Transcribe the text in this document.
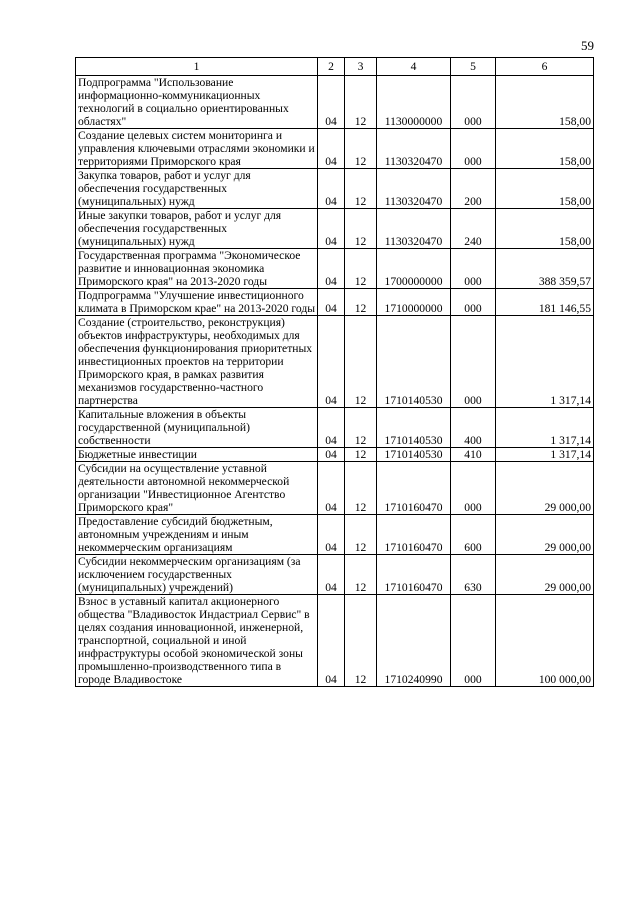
59
1	2	3	4	5	6
Подпрограмма "Использование информационно-коммуникационных технологий в социально ориентированных областях"	04	12	1130000000	000	158,00
Создание целевых систем мониторинга и управления ключевыми отраслями экономики и территориями Приморского края	04	12	1130320470	000	158,00
Закупка товаров, работ и услуг для обеспечения государственных (муниципальных) нужд	04	12	1130320470	200	158,00
Иные закупки товаров, работ и услуг для обеспечения государственных (муниципальных) нужд	04	12	1130320470	240	158,00
Государственная программа "Экономическое развитие и инновационная экономика Приморского края" на 2013-2020 годы	04	12	1700000000	000	388 359,57
Подпрограмма "Улучшение инвестиционного климата в Приморском крае" на 2013-2020 годы	04	12	1710000000	000	181 146,55
Создание (строительство, реконструкция) объектов инфраструктуры, необходимых для обеспечения функционирования приоритетных инвестиционных проектов на территории Приморского края, в рамках развития механизмов государственно-частного партнерства	04	12	1710140530	000	1 317,14
Капитальные вложения в объекты государственной (муниципальной) собственности	04	12	1710140530	400	1 317,14
Бюджетные инвестиции	04	12	1710140530	410	1 317,14
Субсидии на осуществление уставной деятельности автономной некоммерческой организации "Инвестиционное Агентство Приморского края"	04	12	1710160470	000	29 000,00
Предоставление субсидий бюджетным, автономным учреждениям и иным некоммерческим организациям	04	12	1710160470	600	29 000,00
Субсидии некоммерческим организациям (за исключением государственных (муниципальных) учреждений)	04	12	1710160470	630	29 000,00
Взнос в уставный капитал акционерного общества "Владивосток Индастриал Сервис" в целях создания инновационной, инженерной, транспортной, социальной и иной инфраструктуры особой экономической зоны промышленно-производственного типа в городе Владивостоке	04	12	1710240990	000	100 000,00
